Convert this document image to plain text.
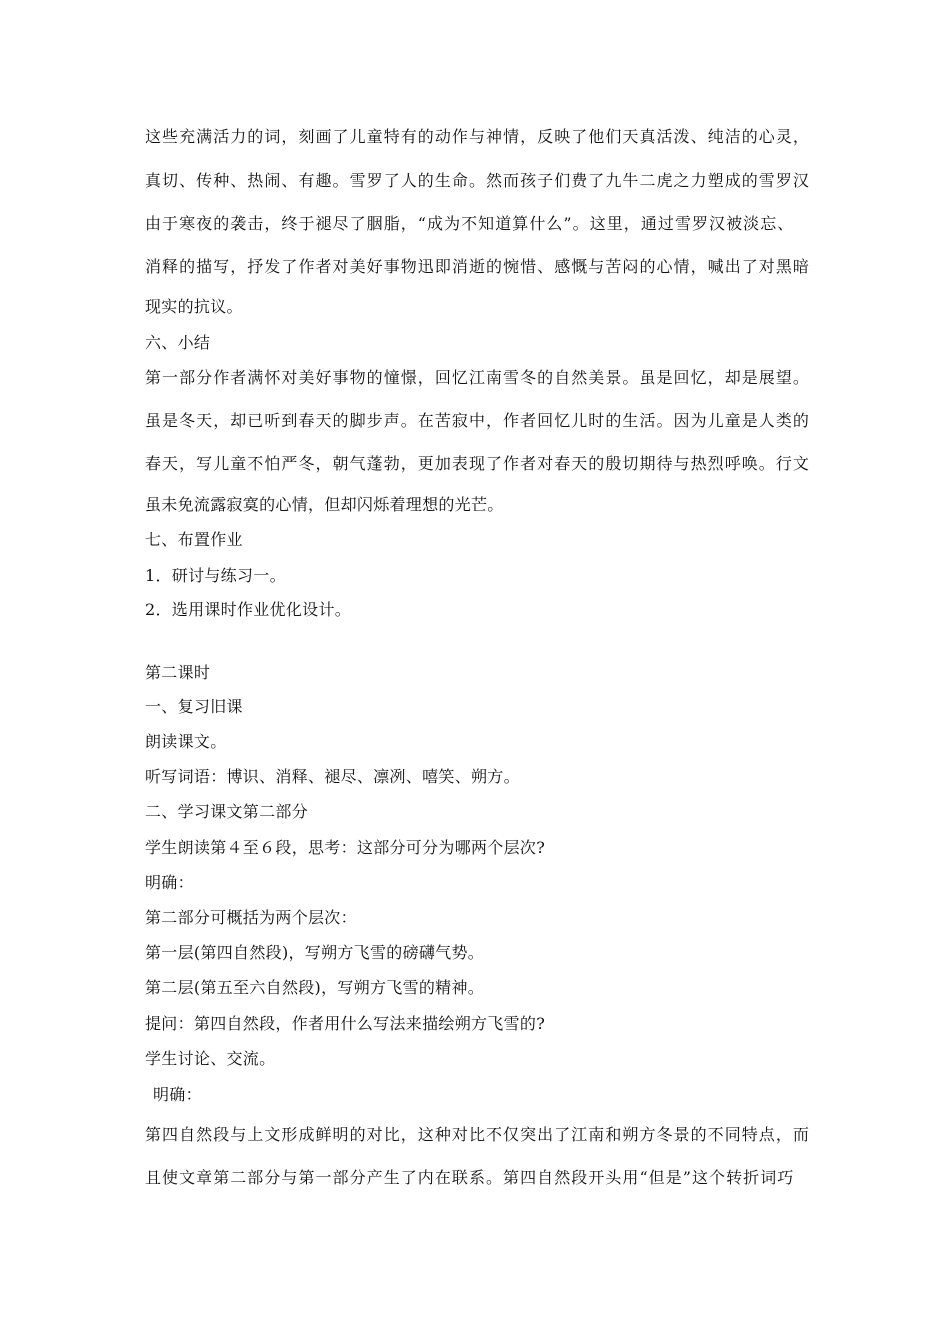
这些充满活力的词，刻画了儿童特有的动作与神情，反映了他们天真活泼、纯洁的心灵，
真切、传种、热闹、有趣。雪罗了人的生命。然而孩子们费了九牛二虎之力塑成的雪罗汉
由于寒夜的袭击，终于褪尽了胭脂，“成为不知道算什么”。这里，通过雪罗汉被淡忘、
消释的描写，抒发了作者对美好事物迅即消逝的惋惜、感慨与苦闷的心情，喊出了对黑暗
现实的抗议。
六、小结
第一部分作者满怀对美好事物的憧憬，回忆江南雪冬的自然美景。虽是回忆，却是展望。
虽是冬天，却已听到春天的脚步声。在苦寂中，作者回忆儿时的生活。因为儿童是人类的
春天，写儿童不怕严冬，朝气蓬勃，更加表现了作者对春天的殷切期待与热烈呼唤。行文
虽未免流露寂寞的心情，但却闪烁着理想的光芒。
七、布置作业
1．研讨与练习一。
2．选用课时作业优化设计。
第二课时
一、复习旧课
朗读课文。
听写词语：博识、消释、褪尽、凛冽、嘻笑、朔方。
二、学习课文第二部分
学生朗读第４至６段，思考：这部分可分为哪两个层次?
明确：
第二部分可概括为两个层次：
第一层(第四自然段)，写朔方飞雪的磅礴气势。
第二层(第五至六自然段)，写朔方飞雪的精神。
提问：第四自然段，作者用什么写法来描绘朔方飞雪的?
学生讨论、交流。
明确：
第四自然段与上文形成鲜明的对比，这种对比不仅突出了江南和朔方冬景的不同特点，而
且使文章第二部分与第一部分产生了内在联系。第四自然段开头用“但是”这个转折词巧
